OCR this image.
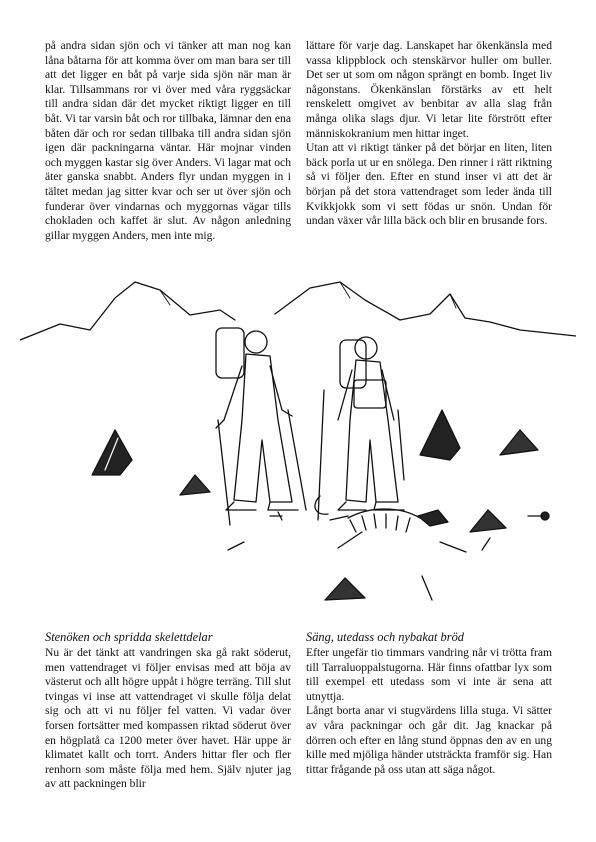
på andra sidan sjön och vi tänker att man nog kan låna båtarna för att komma över om man bara ser till att det ligger en båt på varje sida sjön när man är klar. Tillsammans ror vi över med våra ryggsäckar till andra sidan där det mycket riktigt ligger en till båt. Vi tar varsin båt och ror tillbaka, lämnar den ena båten där och ror sedan tillbaka till andra sidan sjön igen där packningarna väntar. Här mojnar vinden och myggen kastar sig över Anders. Vi lagar mat och äter ganska snabbt. Anders flyr undan myggen in i tältet medan jag sitter kvar och ser ut över sjön och funderar över vindarnas och myggornas vägar tills chokladen och kaffet är slut. Av någon anledning gillar myggen Anders, men inte mig.

lättare för varje dag. Lanskapet har ökenkänsla med vassa klippblock och stenskärvor huller om buller. Det ser ut som om någon sprängt en bomb. Inget liv någonstans. Ökenkänslan förstärks av ett helt renskelett omgivet av benbitar av alla slag från många olika slags djur. Vi letar lite förstrött efter människokranium men hittar inget.

Utan att vi riktigt tänker på det börjar en liten, liten bäck porla ut ur en snölega. Den rinner i rätt riktning så vi följer den. Efter en stund inser vi att det är början på det stora vattendraget som leder ända till Kvikkjokk som vi sett födas ur snön. Undan för undan växer vår lilla bäck och blir en brusande fors.

Stenöken och spridda skelettdelar

Nu är det tänkt att vandringen ska gå rakt söderut, men vattendraget vi följer envisas med att böja av västerut och allt högre uppåt i högre terräng. Till slut tvingas vi inse att vattendraget vi skulle följa delat sig och att vi nu följer fel vatten. Vi vadar över forsen fortsätter med kompassen riktad söderut över en högplatå ca 1200 meter över havet. Här uppe är klimatet kallt och torrt. Anders hittar fler och fler renhorn som måste följa med hem. Själv njuter jag av att packningen blir

Säng, utedass och nybakat bröd

Efter ungefär tio timmars vandring når vi trötta fram till Tarraluoppalstugorna. Här finns ofattbar lyx som till exempel ett utedass som vi inte är sena att utnyttja.

Långt borta anar vi stugvärdens lilla stuga. Vi sätter av våra packningar och går dit. Jag knackar på dörren och efter en lång stund öppnas den av en ung kille med mjöliga händer utsträckta framför sig. Han tittar frågande på oss utan att säga något.
